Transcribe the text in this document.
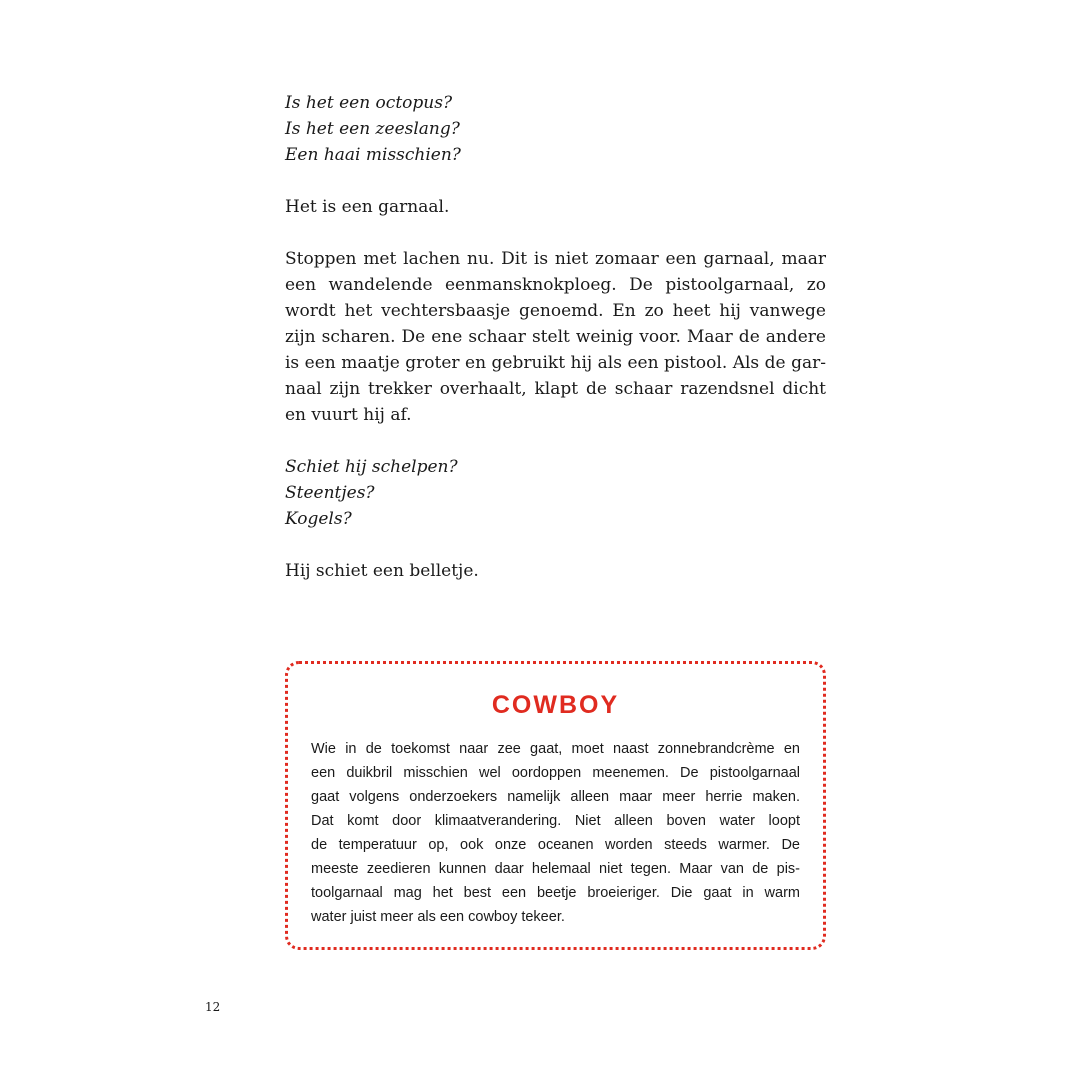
Is het een octopus?
Is het een zeeslang?
Een haai misschien?
Het is een garnaal.
Stoppen met lachen nu. Dit is niet zomaar een garnaal, maar
een wandelende eenmansknokploeg. De pistoolgarnaal, zo
wordt het vechtersbaasje genoemd. En zo heet hij vanwege
zijn scharen. De ene schaar stelt weinig voor. Maar de andere
is een maatje groter en gebruikt hij als een pistool. Als de gar-
naal zijn trekker overhaalt, klapt de schaar razendsnel dicht
en vuurt hij af.
Schiet hij schelpen?
Steentjes?
Kogels?
Hij schiet een belletje.
COWBOY
Wie in de toekomst naar zee gaat, moet naast zonnebrandcrème en
een duikbril misschien wel oordoppen meenemen. De pistoolgarnaal
gaat volgens onderzoekers namelijk alleen maar meer herrie maken.
Dat komt door klimaatverandering. Niet alleen boven water loopt
de temperatuur op, ook onze oceanen worden steeds warmer. De
meeste zeedieren kunnen daar helemaal niet tegen. Maar van de pis-
toolgarnaal mag het best een beetje broeieriger. Die gaat in warm
water juist meer als een cowboy tekeer.
12
